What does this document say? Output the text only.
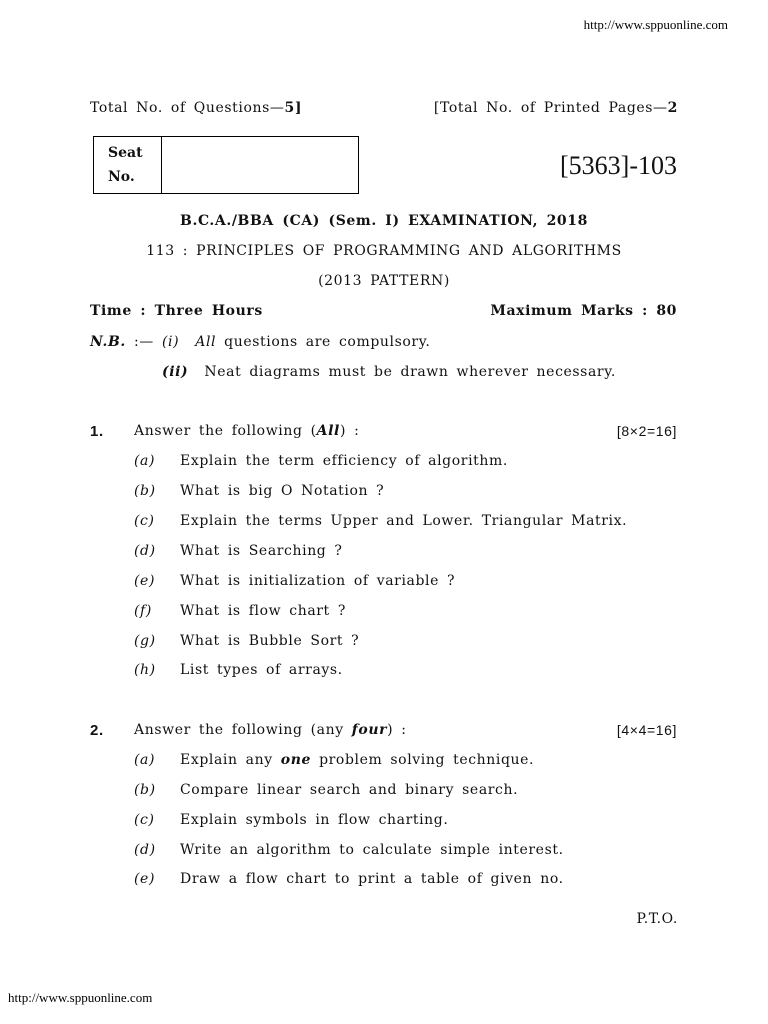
http://www.sppuonline.com
Total No. of Questions—5]	[Total No. of Printed Pages—2
Seat
No.	[5363]-103
B.C.A./BBA (CA) (Sem. I) EXAMINATION, 2018
113 : PRINCIPLES OF PROGRAMMING AND ALGORITHMS
(2013 PATTERN)
Time : Three Hours	Maximum Marks : 80
N.B. :— (i) All questions are compulsory.
(ii) Neat diagrams must be drawn wherever necessary.
1. Answer the following (All) :	[8×2=16]
(a) Explain the term efficiency of algorithm.
(b) What is big O Notation ?
(c) Explain the terms Upper and Lower. Triangular Matrix.
(d) What is Searching ?
(e) What is initialization of variable ?
(f) What is flow chart ?
(g) What is Bubble Sort ?
(h) List types of arrays.
2. Answer the following (any four) :	[4×4=16]
(a) Explain any one problem solving technique.
(b) Compare linear search and binary search.
(c) Explain symbols in flow charting.
(d) Write an algorithm to calculate simple interest.
(e) Draw a flow chart to print a table of given no.
P.T.O.
http://www.sppuonline.com
